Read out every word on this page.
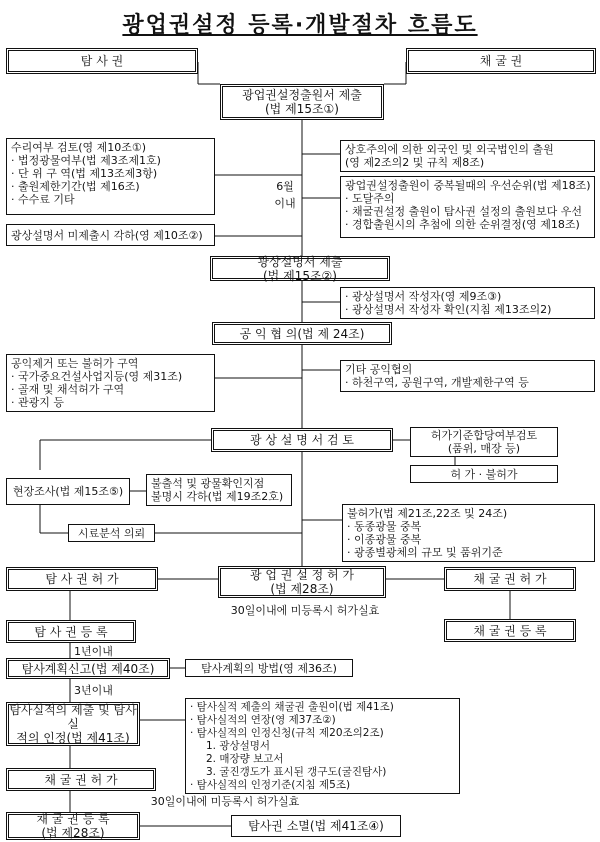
광업권설정 등록·개발절차 흐름도
탐 사 권	채 굴 권
광업권설정출원서 제출
(법 제15조①)
수리여부 검토(영 제10조①)
· 법정광물여부(법 제3조제1호)
· 단 위 구 역(법 제13조제3항)
· 출원제한기간(법 제16조)
· 수수료 기타
6월
이내
상호주의에 의한 외국인 및 외국법인의 출원
(영 제2조의2 및 규칙 제8조)
광업권설정출원이 중복될때의 우선순위(법 제18조)
· 도달주의
· 채굴권설정 출원이 탐사권 설정의 출원보다 우선
· 경합출원시의 추첨에 의한 순위결정(영 제18조)
광상설명서 미제출시 각하(영 제10조②)
광상설명서 제출
(법 제15조②)
· 광상설명서 작성자(영 제9조③)
· 광상설명서 작성자 확인(지침 제13조의2)
공 익 협 의(법 제 24조)
공익제거 또는 불허가 구역
· 국가중요건설사업지등(영 제31조)
· 골재 및 채석허가 구역
· 관광지 등
기타 공익협의
· 하천구역, 공원구역, 개발제한구역 등
광 상 설 명 서 검 토	허가기준합당여부검토
(품위, 매장 등)
허 가 · 불허가
현장조사(법 제15조⑤)
불출석 및 광물확인지점
불명시 각하(법 제19조2호)
시료분석 의뢰
불허가(법 제21조,22조 및 24조)
· 동종광물 중복
· 이종광물 중복
· 광종별광체의 규모 및 품위기준
탐 사 권 허 가	광 업 권 설 정 허 가
(법 제28조)
채 굴 권 허 가
30일이내에 미등록시 허가실효
탐 사 권 등 록	채 굴 권 등 록
1년이내
탐사계획신고(법 제40조)	탐사계획의 방법(영 제36조)
3년이내
탐사실적의 제출 및 탐사실
적의 인정(법 제41조)
· 탐사실적 제출의 채굴권 출원이(법 제41조)
· 탐사실적의 연장(영 제37조②)
· 탐사실적의 인정신청(규칙 제20조의2조)
1. 광상설명서
2. 매장량 보고서
3. 굴진갱도가 표시된 갱구도(굴진탐사)
· 탐사실적의 인정기준(지침 제5조)
채 굴 권 허 가
30일이내에 미등록시 허가실효
채 굴 권 등 록
(법 제28조)	탐사권 소멸(법 제41조④)
